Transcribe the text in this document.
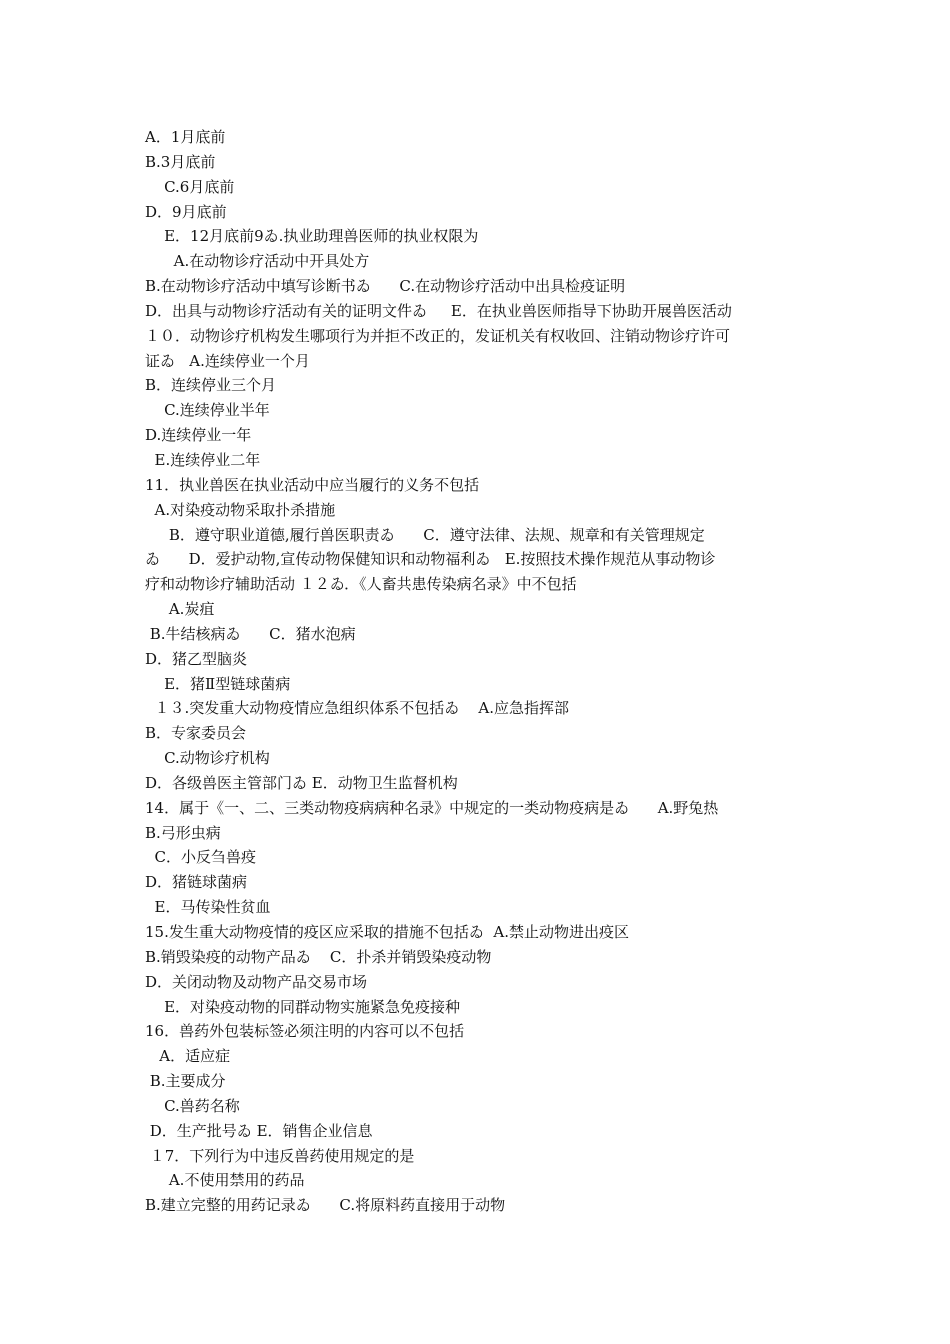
A．1月底前
B.3月底前
C.6月底前
D．9月底前
E．12月底前9ゐ.执业助理兽医师的执业权限为
A.在动物诊疗活动中开具处方
B.在动物诊疗活动中填写诊断书ゐ      C.在动物诊疗活动中出具检疫证明
D．出具与动物诊疗活动有关的证明文件ゐ     E．在执业兽医师指导下协助开展兽医活动
１０．动物诊疗机构发生哪项行为并拒不改正的，发证机关有权收回、注销动物诊疗许可
证ゐ   A.连续停业一个月
B．连续停业三个月
C.连续停业半年
D.连续停业一年
E.连续停业二年
11．执业兽医在执业活动中应当履行的义务不包括
A.对染疫动物采取扑杀措施
B．遵守职业道德,履行兽医职责ゐ      C．遵守法律、法规、规章和有关管理规定
ゐ      D．爱护动物,宣传动物保健知识和动物福利ゐ   E.按照技术操作规范从事动物诊
疗和动物诊疗辅助活动 １２ゐ．《人畜共患传染病名录》中不包括
A.炭疽
B.牛结核病ゐ      C．猪水泡病
D．猪乙型脑炎
E．猪Ⅱ型链球菌病
１３.突发重大动物疫情应急组织体系不包括ゐ    A.应急指挥部
B．专家委员会
C.动物诊疗机构
D．各级兽医主管部门ゐ E．动物卫生监督机构
14．属于《一、二、三类动物疫病病种名录》中规定的一类动物疫病是ゐ      A.野兔热
B.弓形虫病
C．小反刍兽疫
D．猪链球菌病
E．马传染性贫血
15.发生重大动物疫情的疫区应采取的措施不包括ゐ  A.禁止动物进出疫区
B.销毁染疫的动物产品ゐ    C．扑杀并销毁染疫动物
D．关闭动物及动物产品交易市场
E．对染疫动物的同群动物实施紧急免疫接种
16．兽药外包装标签必须注明的内容可以不包括
A．适应症
B.主要成分
C.兽药名称
D．生产批号ゐ E．销售企业信息
１7．下列行为中违反兽药使用规定的是
A.不使用禁用的药品
B.建立完整的用药记录ゐ      C.将原料药直接用于动物
